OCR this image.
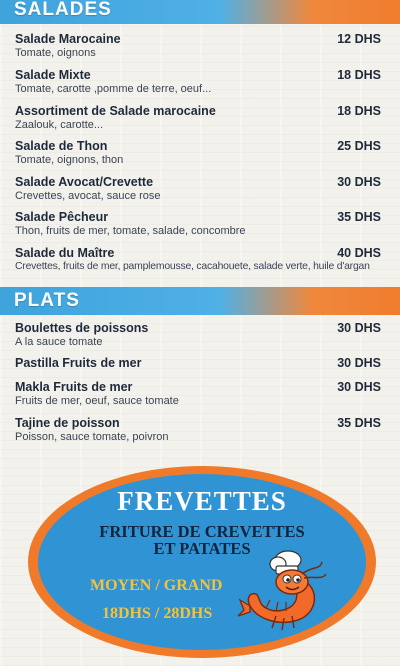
SALADES
Salade Marocaine	12 DHS
Tomate, oignons
Salade Mixte	18 DHS
Tomate, carotte ,pomme de terre, oeuf...
Assortiment de Salade marocaine	18 DHS
Zaalouk, carotte...
Salade de Thon	25 DHS
Tomate, oignons, thon
Salade Avocat/Crevette	30 DHS
Crevettes, avocat, sauce rose
Salade Pêcheur	35 DHS
Thon, fruits de mer, tomate, salade, concombre
Salade du Maître	40 DHS
Crevettes, fruits de mer, pamplemousse, cacahouete, salade verte, huile d'argan
PLATS
Boulettes de poissons	30 DHS
A la sauce tomate
Pastilla Fruits de mer	30 DHS
Makla Fruits de mer	30 DHS
Fruits de mer, oeuf, sauce tomate
Tajine de poisson	35 DHS
Poisson, sauce tomate, poivron
FREVETTES
FRITURE DE CREVETTES
ET PATATES
MOYEN / GRAND
18DHS / 28DHS
